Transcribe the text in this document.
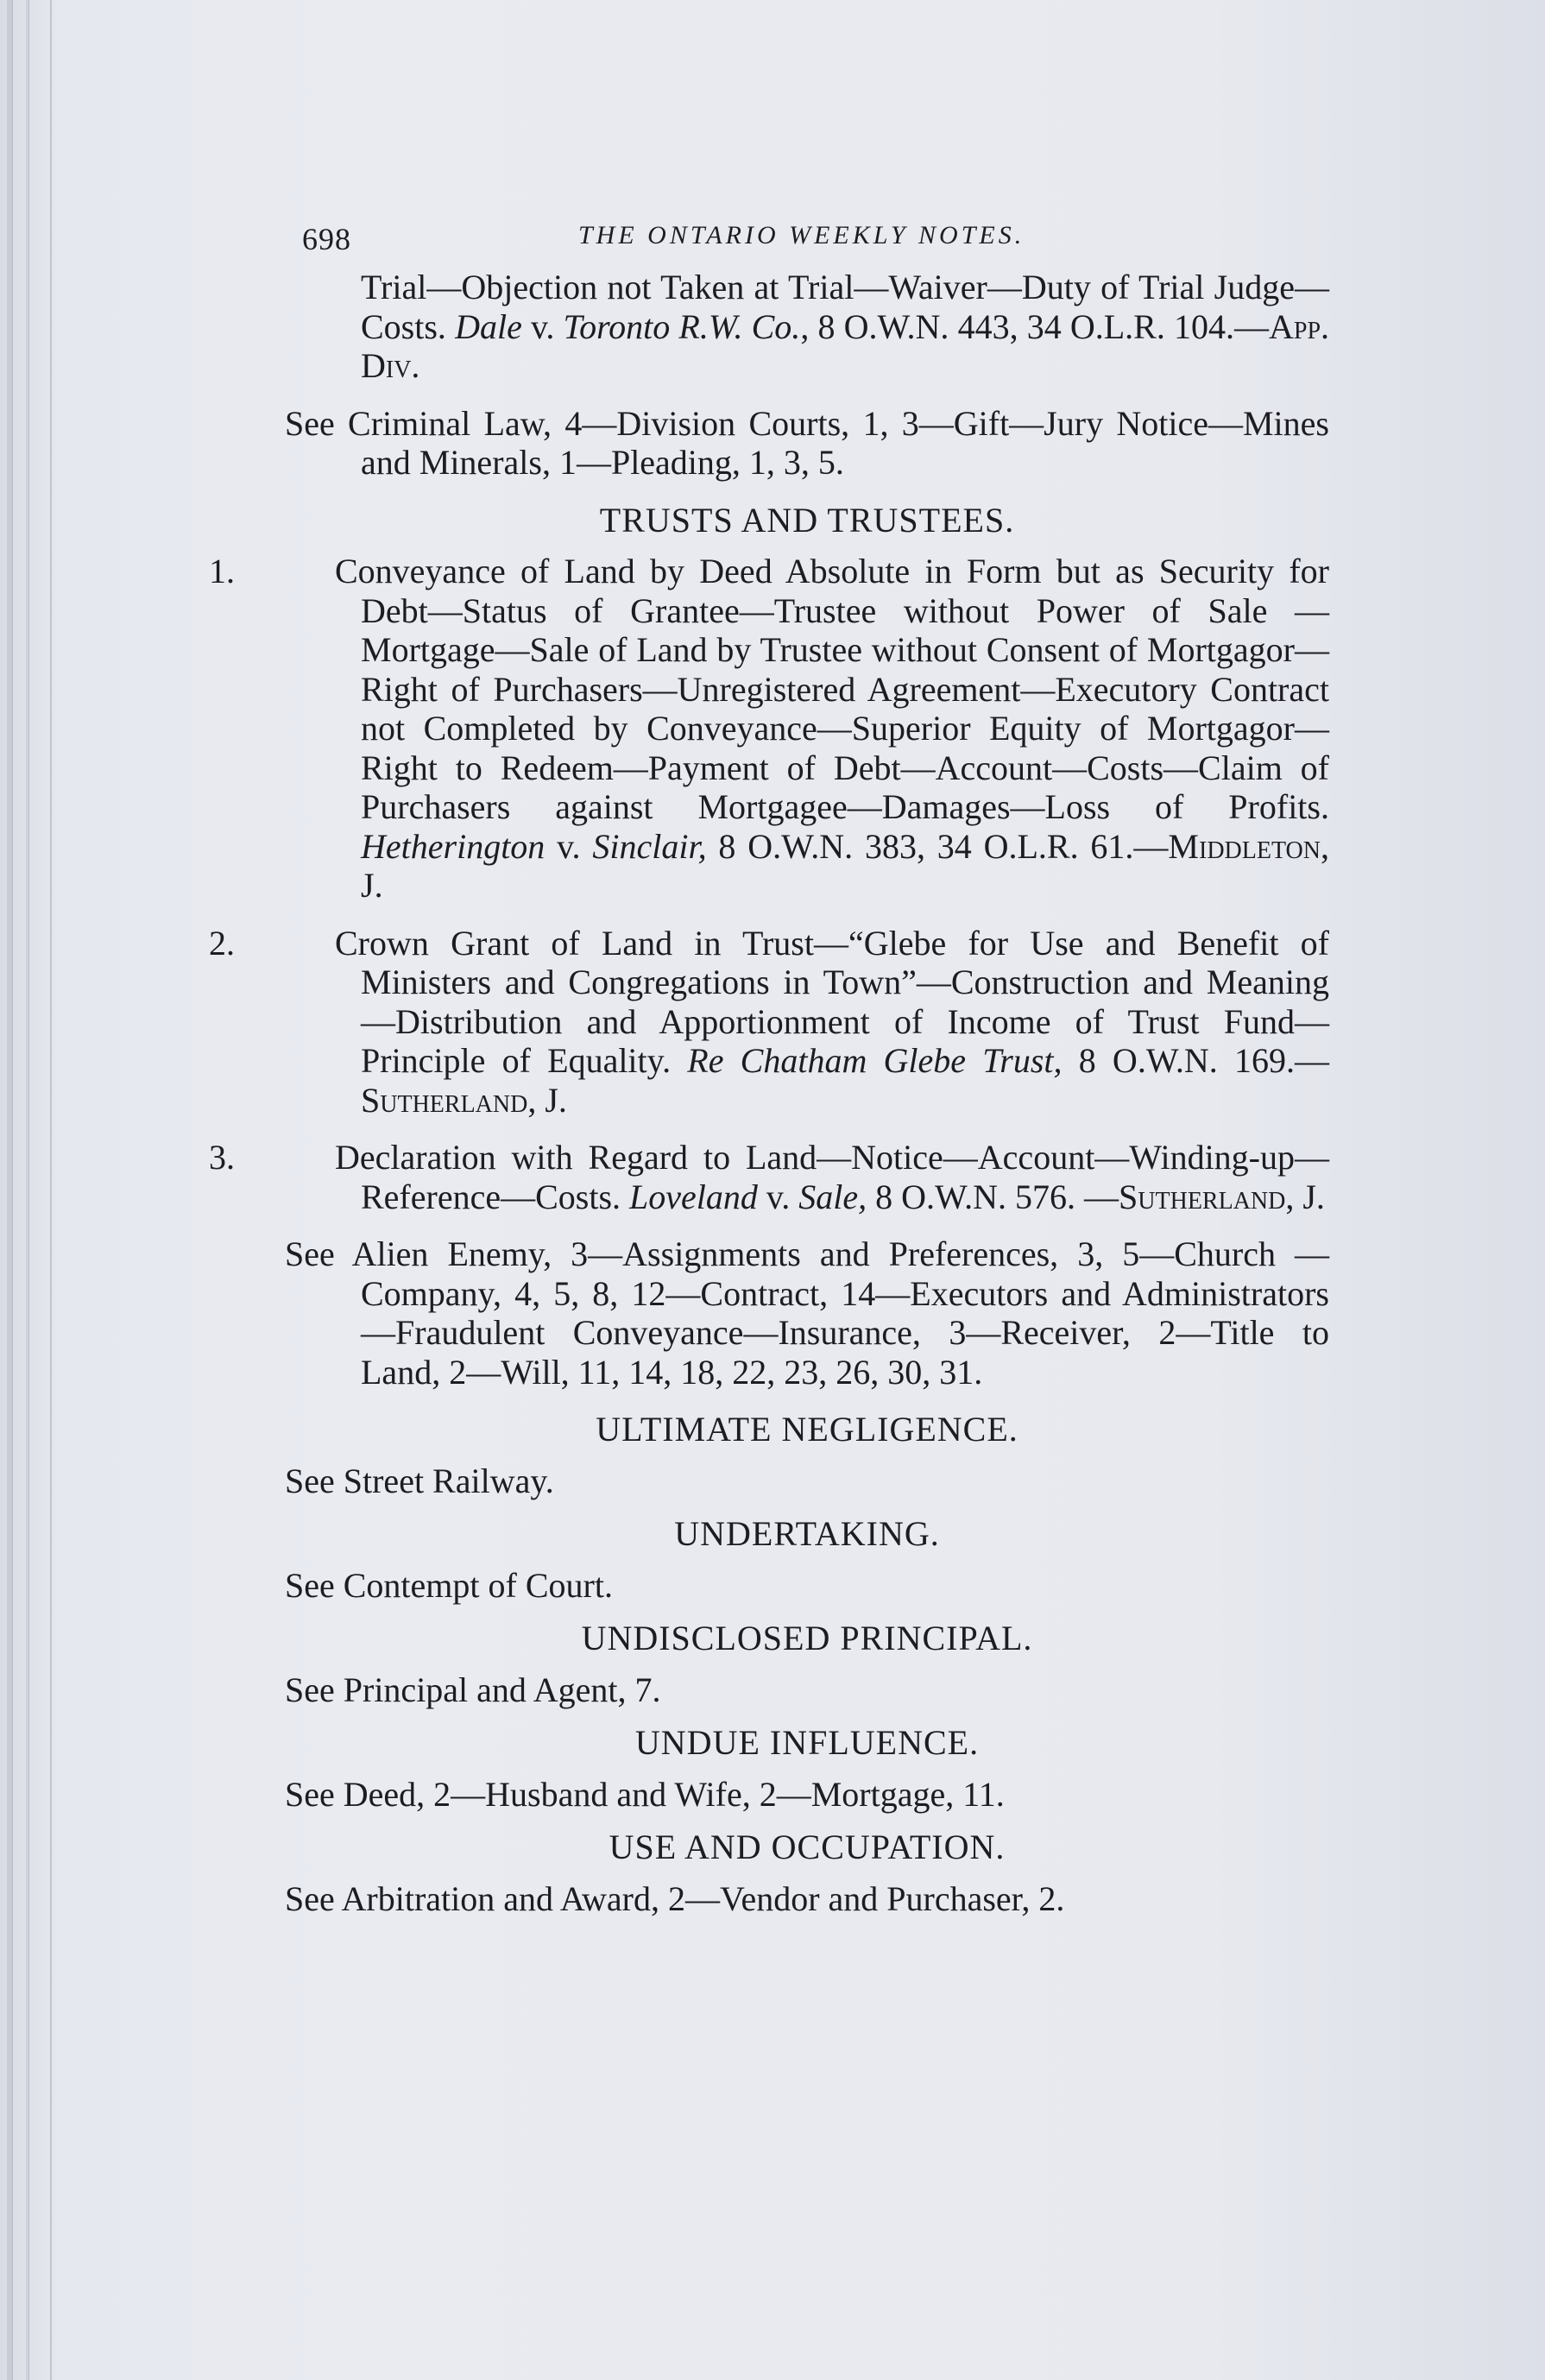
698	THE ONTARIO WEEKLY NOTES.

Trial—Objection not Taken at Trial—Waiver—Duty of Trial Judge—Costs. Dale v. Toronto R.W. Co., 8 O.W.N. 443, 34 O.L.R. 104.—App. Div.

See Criminal Law, 4—Division Courts, 1, 3—Gift—Jury Notice—Mines and Minerals, 1—Pleading, 1, 3, 5.

TRUSTS AND TRUSTEES.

1.	Conveyance of Land by Deed Absolute in Form but as Security for Debt—Status of Grantee—Trustee without Power of Sale —Mortgage—Sale of Land by Trustee without Consent of Mortgagor—Right of Purchasers—Unregistered Agreement—Executory Contract not Completed by Conveyance—Superior Equity of Mortgagor—Right to Redeem—Payment of Debt—Account—Costs—Claim of Purchasers against Mortgagee—Damages—Loss of Profits. Hetherington v. Sinclair, 8 O.W.N. 383, 34 O.L.R. 61.—Middleton, J.

2.	Crown Grant of Land in Trust—“Glebe for Use and Benefit of Ministers and Congregations in Town”—Construction and Meaning—Distribution and Apportionment of Income of Trust Fund—Principle of Equality. Re Chatham Glebe Trust, 8 O.W.N. 169.—Sutherland, J.

3.	Declaration with Regard to Land—Notice—Account—Winding-up—Reference—Costs. Loveland v. Sale, 8 O.W.N. 576. —Sutherland, J.

See Alien Enemy, 3—Assignments and Preferences, 3, 5—Church —Company, 4, 5, 8, 12—Contract, 14—Executors and Administrators—Fraudulent Conveyance—Insurance, 3—Receiver, 2—Title to Land, 2—Will, 11, 14, 18, 22, 23, 26, 30, 31.

ULTIMATE NEGLIGENCE.

See Street Railway.

UNDERTAKING.

See Contempt of Court.

UNDISCLOSED PRINCIPAL.

See Principal and Agent, 7.

UNDUE INFLUENCE.

See Deed, 2—Husband and Wife, 2—Mortgage, 11.

USE AND OCCUPATION.

See Arbitration and Award, 2—Vendor and Purchaser, 2.
